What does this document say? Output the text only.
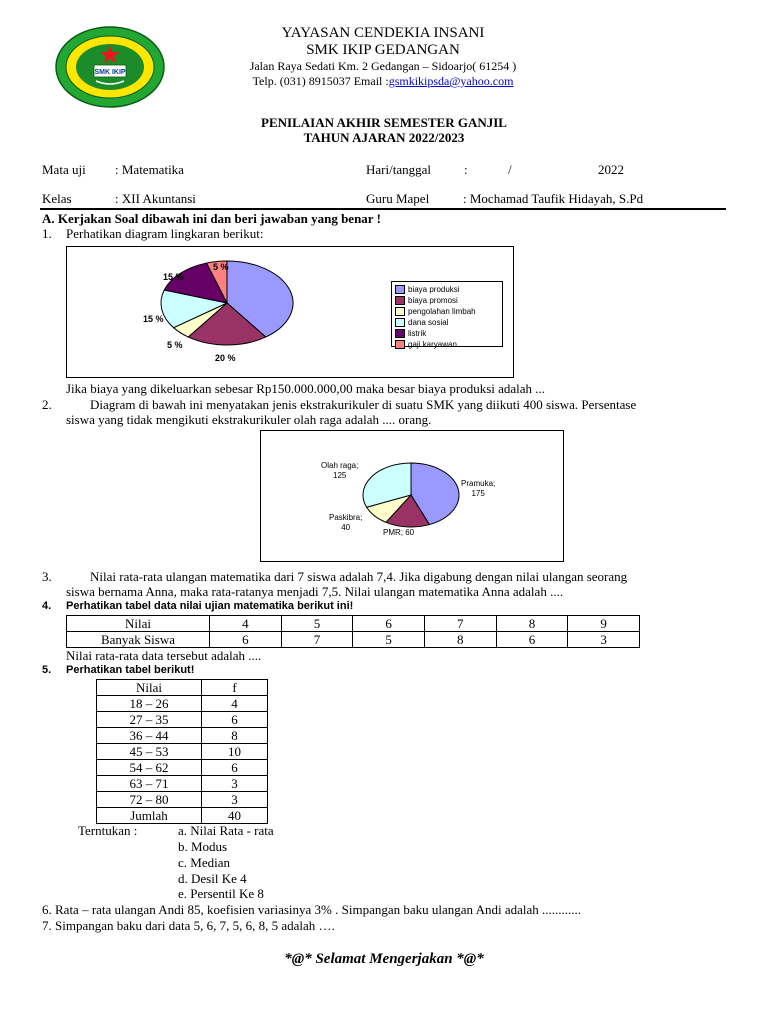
SMK IKIP
YAYASAN CENDEKIA INSANI
SMK IKIP GEDANGAN
Jalan Raya Sedati Km. 2 Gedangan – Sidoarjo( 61254 )
Telp. (031) 8915037 Email :gsmkikipsda@yahoo.com
PENILAIAN AKHIR SEMESTER GANJIL
TAHUN AJARAN 2022/2023
Mata uji : Matematika	Hari/tanggal	:	/	2022
Kelas	: XII Akuntansi	Guru Mapel	: Mochamad Taufik Hidayah, S.Pd
A. Kerjakan Soal dibawah ini dan beri jawaban yang benar !
1. Perhatikan diagram lingkaran berikut:
20 %
5 %
15 %
15 %
5 %
biaya produksi
biaya promosi
pengolahan limbah
dana sosial
listrik
gaji karyawan
Jika biaya yang dikeluarkan sebesar Rp150.000.000,00 maka besar biaya produksi adalah ...
2.	Diagram di bawah ini menyatakan jenis ekstrakurikuler di suatu SMK yang diikuti 400 siswa. Persentase
siswa yang tidak mengikuti ekstrakurikuler olah raga adalah .... orang.
Olah raga;
125
Pramuka;
175
Paskibra;
40
PMR; 60
3.	Nilai rata-rata ulangan matematika dari 7 siswa adalah 7,4. Jika digabung dengan nilai ulangan seorang
siswa bernama Anna, maka rata-ratanya menjadi 7,5. Nilai ulangan matematika Anna adalah ....
4. Perhatikan tabel data nilai ujian matematika berikut ini!
Nilai	4	5	6	7	8	9
Banyak Siswa	6	7	5	8	6	3
Nilai rata-rata data tersebut adalah ....
5. Perhatikan tabel berikut!
Nilai	f
18 – 26	4
27 – 35	6
36 – 44	8
45 – 53	10
54 – 62	6
63 – 71	3
72 – 80	3
Jumlah	40
Terntukan :	a. Nilai Rata - rata
b. Modus
c. Median
d. Desil Ke 4
e. Persentil Ke 8
6. Rata – rata ulangan Andi 85, koefisien variasinya 3% . Simpangan baku ulangan Andi adalah ............
7. Simpangan baku dari data 5, 6, 7, 5, 6, 8, 5 adalah ….
*@* Selamat Mengerjakan *@*
